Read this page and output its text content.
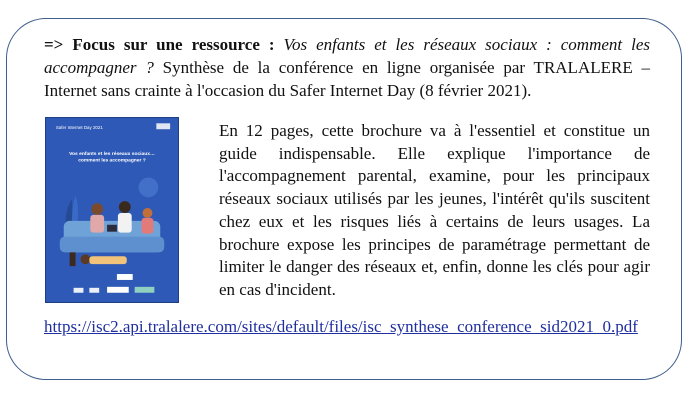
=> Focus sur une ressource : Vos enfants et les réseaux sociaux : comment les accompagner ? Synthèse de la conférence en ligne organisée par TRALALERE – Internet sans crainte à l'occasion du Safer Internet Day (8 février 2021).
Safer Internet Day 2021
Vos enfants et les réseaux sociaux…
comment les accompagner ?
En 12 pages, cette brochure va à l'essentiel et constitue un guide indispensable. Elle explique l'importance de l'accompagnement parental, examine, pour les principaux réseaux sociaux utilisés par les jeunes, l'intérêt qu'ils suscitent chez eux et les risques liés à certains de leurs usages. La brochure expose les principes de paramétrage permettant de limiter le danger des réseaux et, enfin, donne les clés pour agir en cas d'incident.
https://isc2.api.tralalere.com/sites/default/files/isc_synthese_conference_sid2021_0.pdf
